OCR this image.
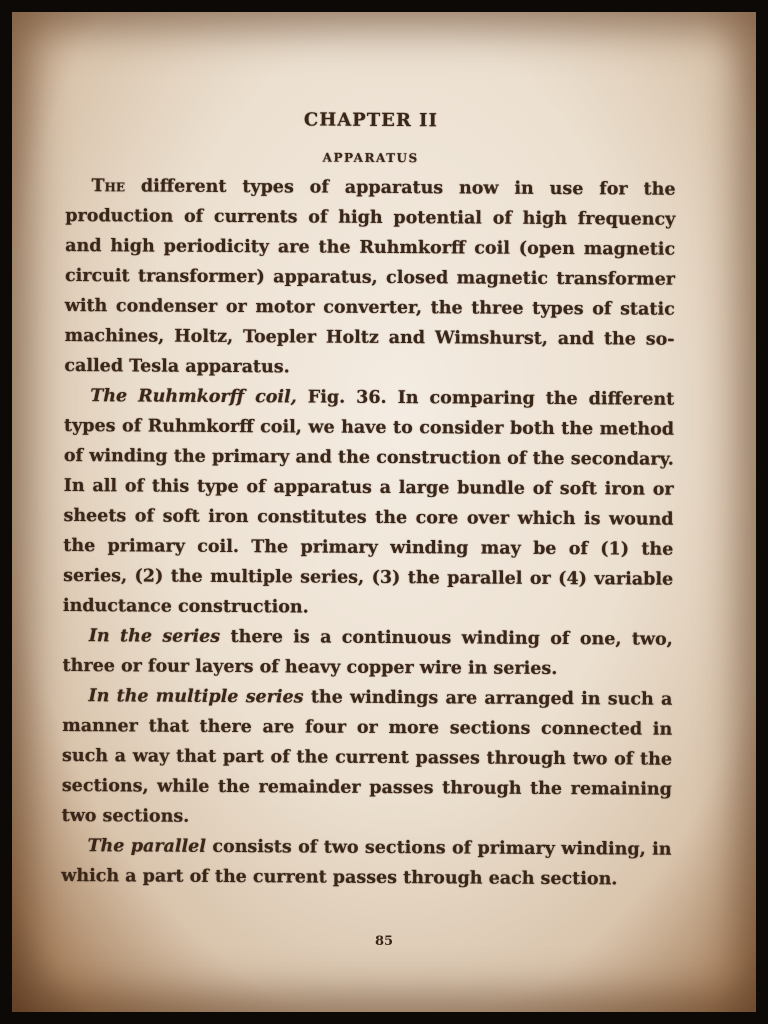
CHAPTER II
APPARATUS

The different types of apparatus now in use for the production of currents of high potential of high frequency and high periodicity are the Ruhmkorff coil (open magnetic circuit transformer) apparatus, closed magnetic transformer with condenser or motor converter, the three types of static machines, Holtz, Toepler Holtz and Wimshurst, and the so-called Tesla apparatus.

The Ruhmkorff coil, Fig. 36. In comparing the different types of Ruhmkorff coil, we have to consider both the method of winding the primary and the construction of the secondary. In all of this type of apparatus a large bundle of soft iron or sheets of soft iron constitutes the core over which is wound the primary coil. The primary winding may be of (1) the series, (2) the multiple series, (3) the parallel or (4) variable inductance construction.

In the series there is a continuous winding of one, two, three or four layers of heavy copper wire in series.

In the multiple series the windings are arranged in such a manner that there are four or more sections connected in such a way that part of the current passes through two of the sections, while the remainder passes through the remaining two sections.

The parallel consists of two sections of primary winding, in which a part of the current passes through each section.

85
